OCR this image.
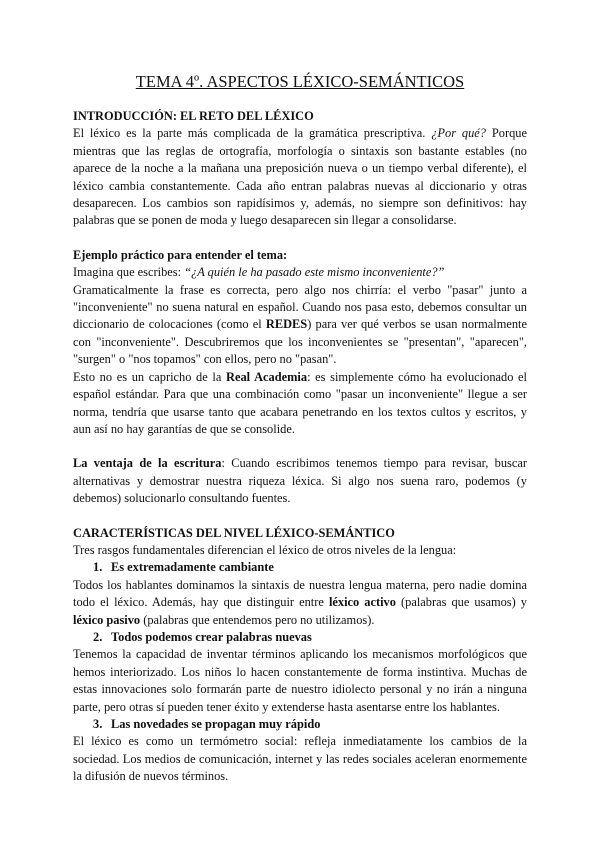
TEMA 4º. ASPECTOS LÉXICO-SEMÁNTICOS

INTRODUCCIÓN: EL RETO DEL LÉXICO

El léxico es la parte más complicada de la gramática prescriptiva. ¿Por qué? Porque mientras que las reglas de ortografía, morfología o sintaxis son bastante estables (no aparece de la noche a la mañana una preposición nueva o un tiempo verbal diferente), el léxico cambia constantemente. Cada año entran palabras nuevas al diccionario y otras desaparecen. Los cambios son rapidísimos y, además, no siempre son definitivos: hay palabras que se ponen de moda y luego desaparecen sin llegar a consolidarse.

Ejemplo práctico para entender el tema:

Imagina que escribes: “¿A quién le ha pasado este mismo inconveniente?”

Gramaticalmente la frase es correcta, pero algo nos chirría: el verbo "pasar" junto a "inconveniente" no suena natural en español. Cuando nos pasa esto, debemos consultar un diccionario de colocaciones (como el REDES) para ver qué verbos se usan normalmente con "inconveniente". Descubriremos que los inconvenientes se "presentan", "aparecen", "surgen" o "nos topamos" con ellos, pero no "pasan".

Esto no es un capricho de la Real Academia: es simplemente cómo ha evolucionado el español estándar. Para que una combinación como "pasar un inconveniente" llegue a ser norma, tendría que usarse tanto que acabara penetrando en los textos cultos y escritos, y aun así no hay garantías de que se consolide.

La ventaja de la escritura: Cuando escribimos tenemos tiempo para revisar, buscar alternativas y demostrar nuestra riqueza léxica. Si algo nos suena raro, podemos (y debemos) solucionarlo consultando fuentes.

CARACTERÍSTICAS DEL NIVEL LÉXICO-SEMÁNTICO

Tres rasgos fundamentales diferencian el léxico de otros niveles de la lengua:

1. Es extremadamente cambiante

Todos los hablantes dominamos la sintaxis de nuestra lengua materna, pero nadie domina todo el léxico. Además, hay que distinguir entre léxico activo (palabras que usamos) y léxico pasivo (palabras que entendemos pero no utilizamos).

2. Todos podemos crear palabras nuevas

Tenemos la capacidad de inventar términos aplicando los mecanismos morfológicos que hemos interiorizado. Los niños lo hacen constantemente de forma instintiva. Muchas de estas innovaciones solo formarán parte de nuestro idiolecto personal y no irán a ninguna parte, pero otras sí pueden tener éxito y extenderse hasta asentarse entre los hablantes.

3. Las novedades se propagan muy rápido

El léxico es como un termómetro social: refleja inmediatamente los cambios de la sociedad. Los medios de comunicación, internet y las redes sociales aceleran enormemente la difusión de nuevos términos.
